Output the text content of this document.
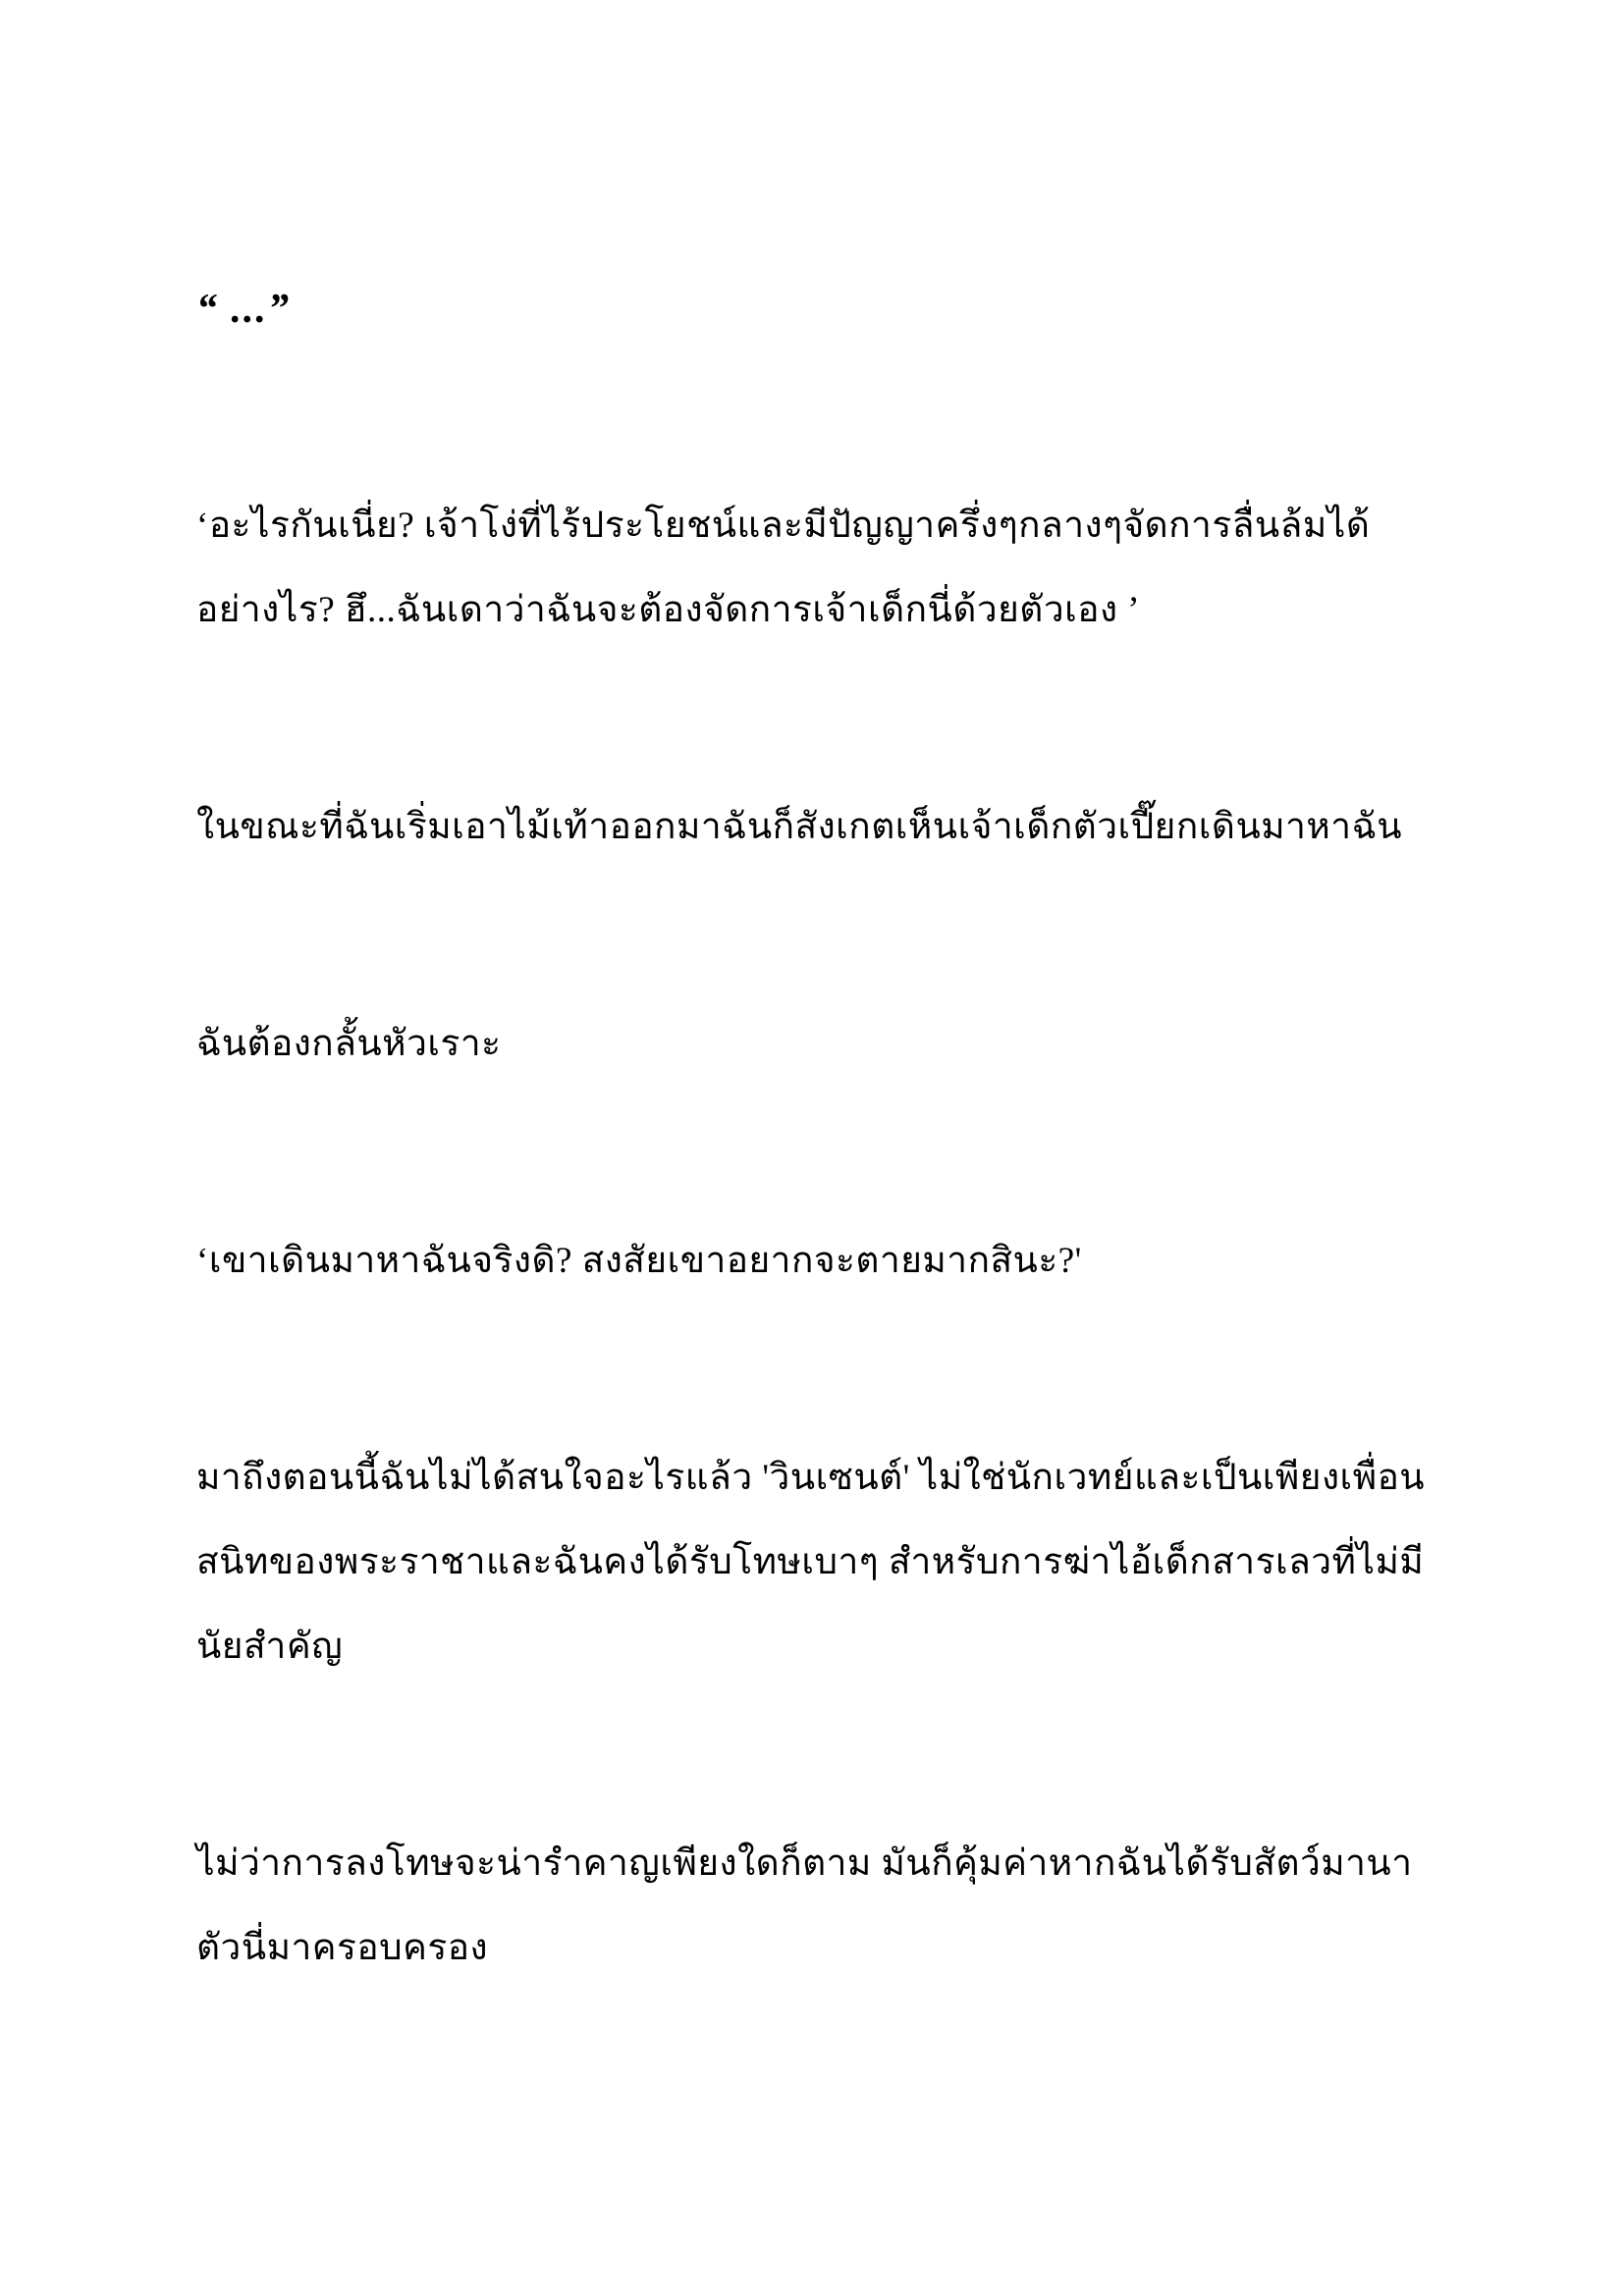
“ ...”

‘อะไรกันเนี่ย? เจ้าโง่ที่ไร้ประโยชน์และมีปัญญาครึ่งๆกลางๆจัดการลื่นล้มได้อย่างไร? ฮึ...ฉันเดาว่าฉันจะต้องจัดการเจ้าเด็กนี่ด้วยตัวเอง ’

ในขณะที่ฉันเริ่มเอาไม้เท้าออกมาฉันก็สังเกตเห็นเจ้าเด็กตัวเปี๊ยกเดินมาหาฉัน

ฉันต้องกลั้นหัวเราะ

‘เขาเดินมาหาฉันจริงดิ? สงสัยเขาอยากจะตายมากสินะ?'

มาถึงตอนนี้ฉันไม่ได้สนใจอะไรแล้ว 'วินเซนต์' ไม่ใช่นักเวทย์และเป็นเพียงเพื่อนสนิทของพระราชาและฉันคงได้รับโทษเบาๆ สำหรับการฆ่าไอ้เด็กสารเลวที่ไม่มีนัยสำคัญ

ไม่ว่าการลงโทษจะน่ารำคาญเพียงใดก็ตาม มันก็คุ้มค่าหากฉันได้รับสัตว์มานาตัวนี่มาครอบครอง
